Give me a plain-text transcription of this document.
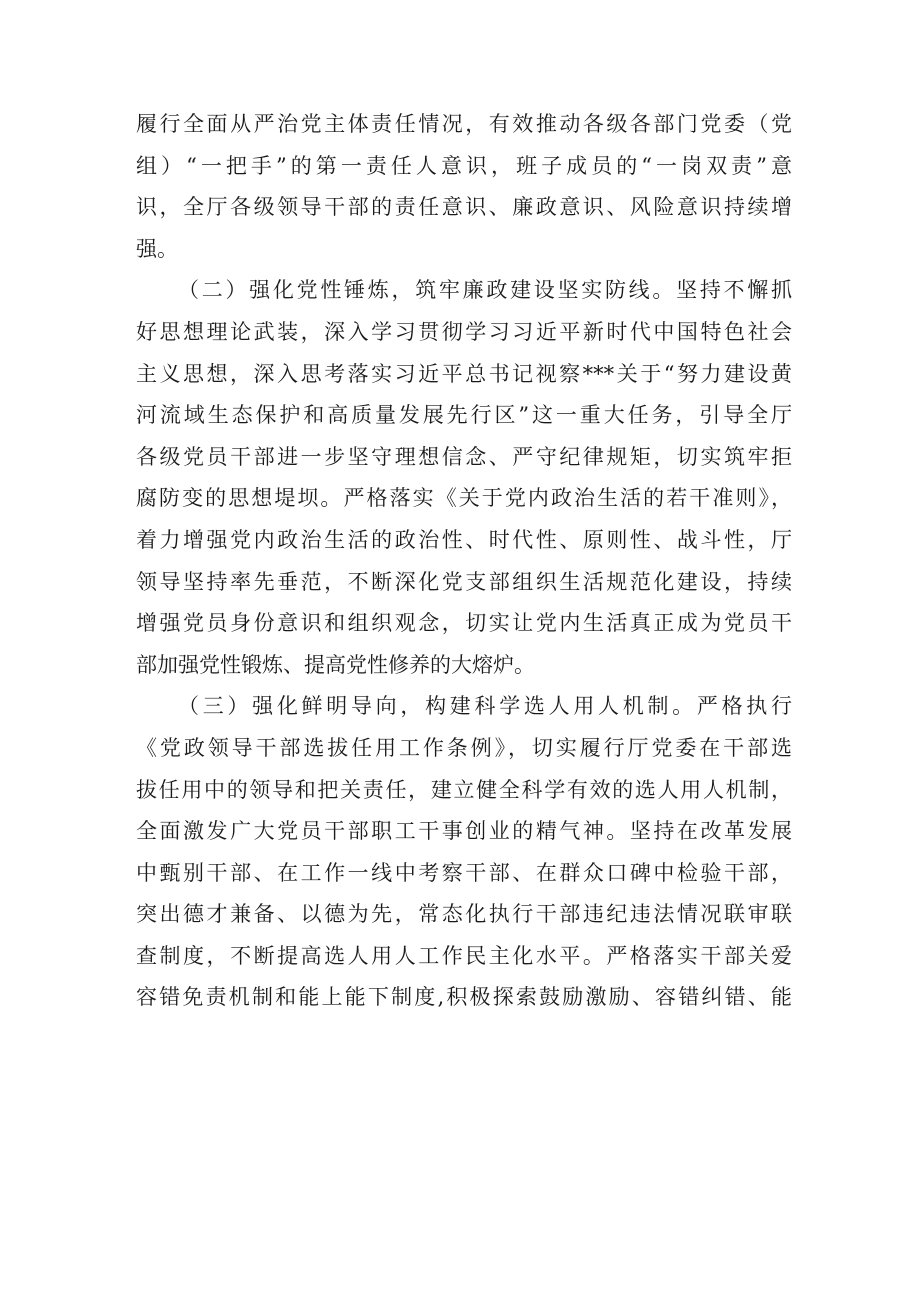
履行全面从严治党主体责任情况，有效推动各级各部门党委（党
组）“一把手”的第一责任人意识，班子成员的“一岗双责”意
识，全厅各级领导干部的责任意识、廉政意识、风险意识持续增
强。
（二）强化党性锤炼，筑牢廉政建设坚实防线。坚持不懈抓
好思想理论武装，深入学习贯彻学习习近平新时代中国特色社会
主义思想，深入思考落实习近平总书记视察***关于“努力建设黄
河流域生态保护和高质量发展先行区”这一重大任务，引导全厅
各级党员干部进一步坚守理想信念、严守纪律规矩，切实筑牢拒
腐防变的思想堤坝。严格落实《关于党内政治生活的若干准则》，
着力增强党内政治生活的政治性、时代性、原则性、战斗性，厅
领导坚持率先垂范，不断深化党支部组织生活规范化建设，持续
增强党员身份意识和组织观念，切实让党内生活真正成为党员干
部加强党性锻炼、提高党性修养的大熔炉。
（三）强化鲜明导向，构建科学选人用人机制。严格执行
《党政领导干部选拔任用工作条例》，切实履行厅党委在干部选
拔任用中的领导和把关责任，建立健全科学有效的选人用人机制，
全面激发广大党员干部职工干事创业的精气神。坚持在改革发展
中甄别干部、在工作一线中考察干部、在群众口碑中检验干部，
突出德才兼备、以德为先，常态化执行干部违纪违法情况联审联
查制度，不断提高选人用人工作民主化水平。严格落实干部关爱
容错免责机制和能上能下制度,积极探索鼓励激励、容错纠错、能
